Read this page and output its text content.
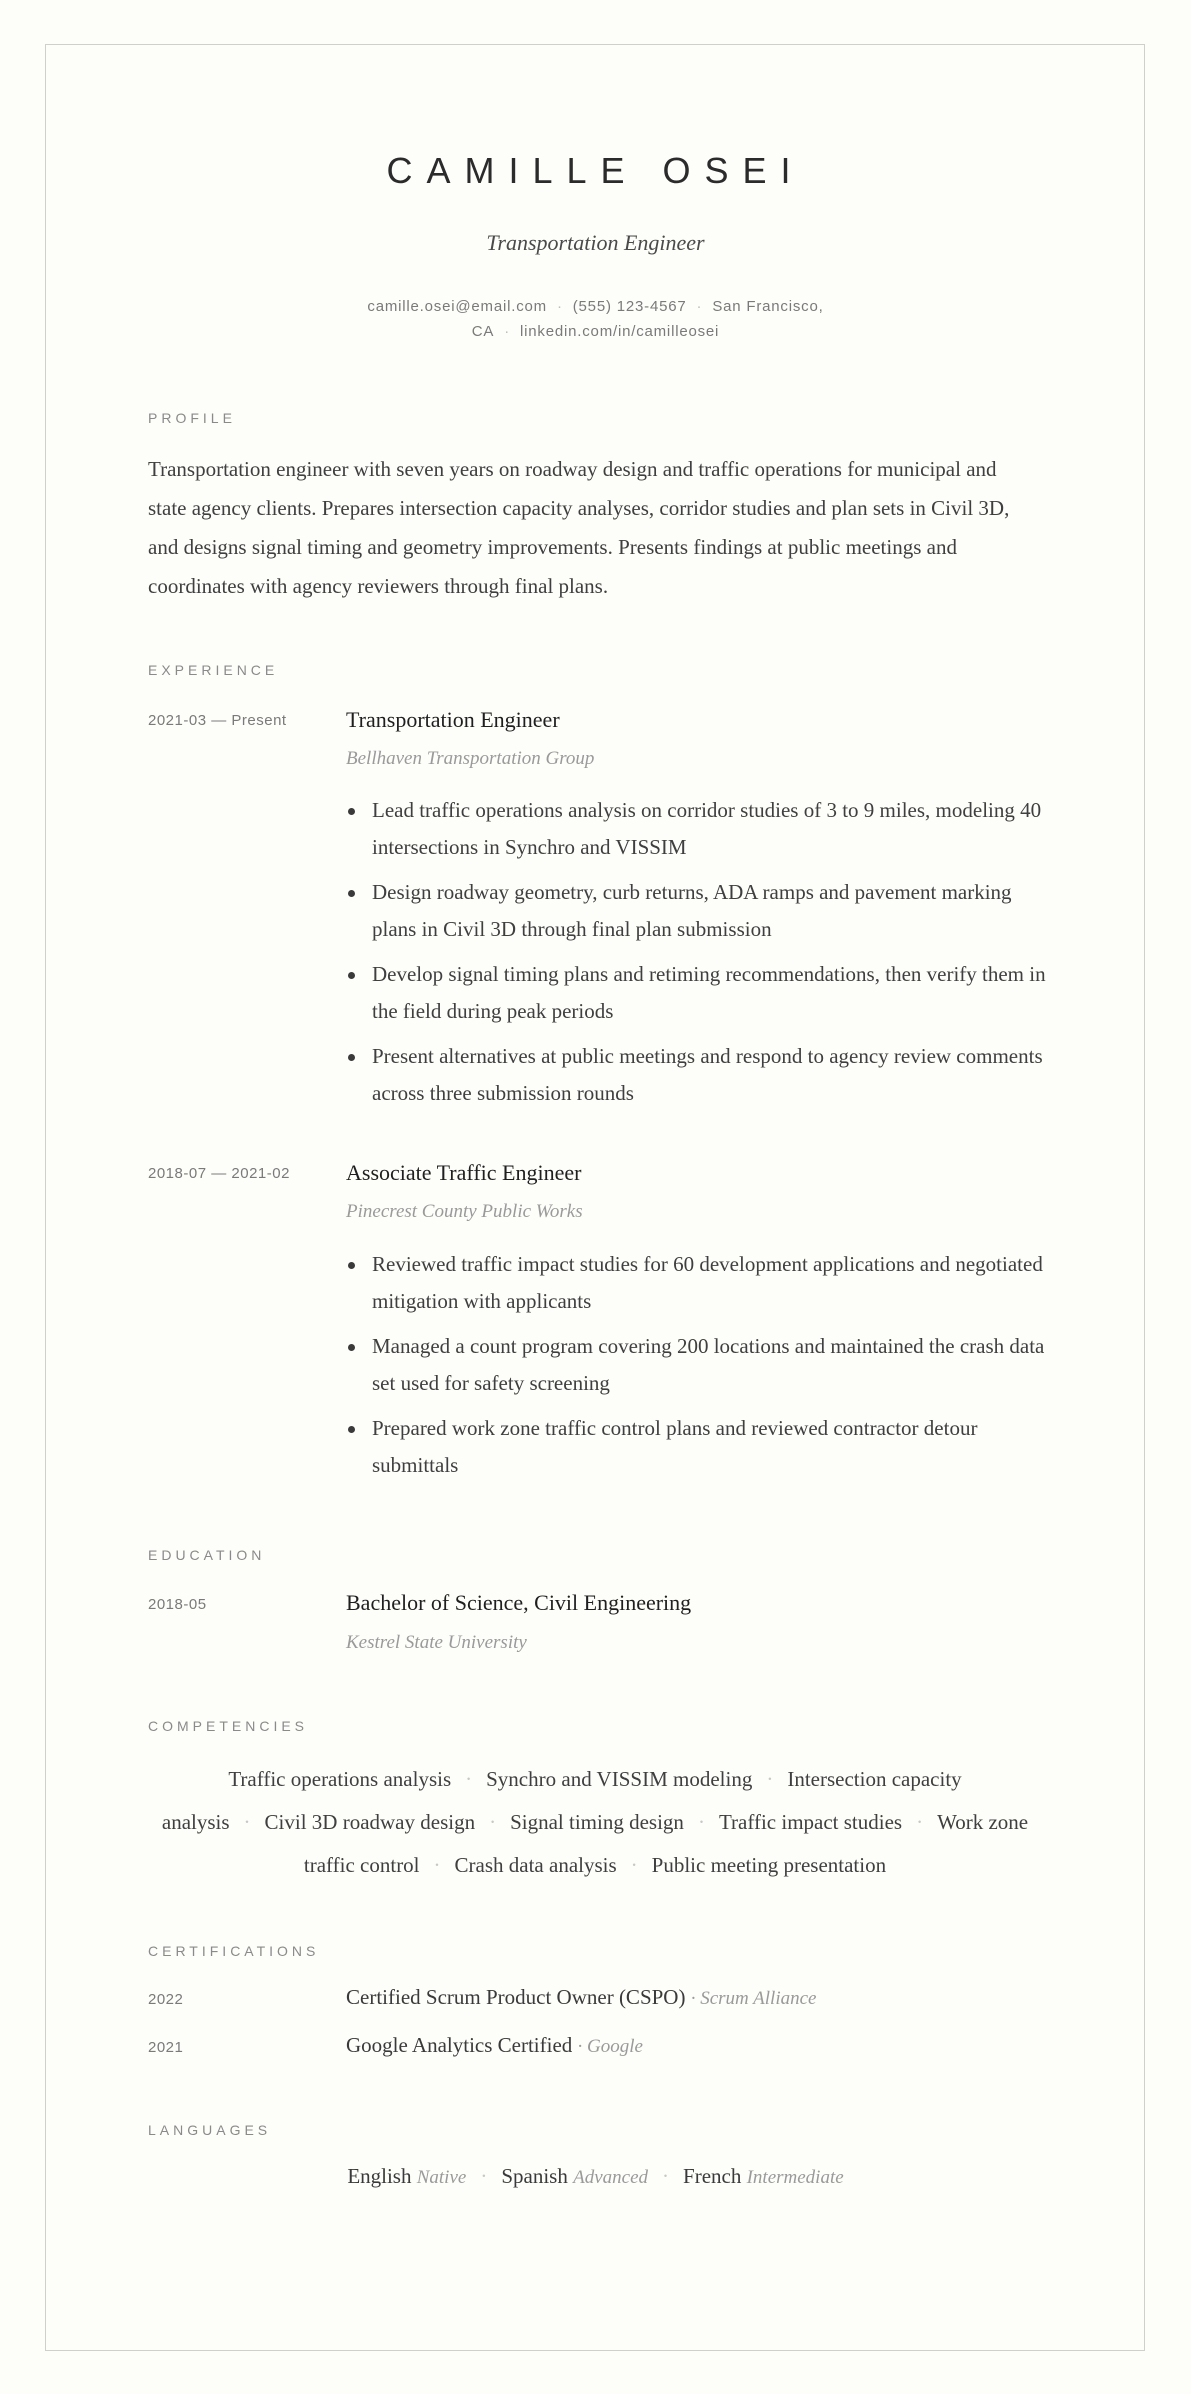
CAMILLE OSEI
Transportation Engineer
camille.osei@email.com · (555) 123-4567 · San Francisco,
CA · linkedin.com/in/camilleosei
PROFILE
Transportation engineer with seven years on roadway design and traffic operations for municipal and state agency clients. Prepares intersection capacity analyses, corridor studies and plan sets in Civil 3D, and designs signal timing and geometry improvements. Presents findings at public meetings and coordinates with agency reviewers through final plans.
EXPERIENCE
2021-03 — Present	Transportation Engineer
Bellhaven Transportation Group
Lead traffic operations analysis on corridor studies of 3 to 9 miles, modeling 40 intersections in Synchro and VISSIM
Design roadway geometry, curb returns, ADA ramps and pavement marking plans in Civil 3D through final plan submission
Develop signal timing plans and retiming recommendations, then verify them in the field during peak periods
Present alternatives at public meetings and respond to agency review comments across three submission rounds
2018-07 — 2021-02	Associate Traffic Engineer
Pinecrest County Public Works
Reviewed traffic impact studies for 60 development applications and negotiated mitigation with applicants
Managed a count program covering 200 locations and maintained the crash data set used for safety screening
Prepared work zone traffic control plans and reviewed contractor detour submittals
EDUCATION
2018-05	Bachelor of Science, Civil Engineering
Kestrel State University
COMPETENCIES
Traffic operations analysis · Synchro and VISSIM modeling · Intersection capacity analysis · Civil 3D roadway design · Signal timing design · Traffic impact studies · Work zone traffic control · Crash data analysis · Public meeting presentation
CERTIFICATIONS
2022	Certified Scrum Product Owner (CSPO) · Scrum Alliance
2021	Google Analytics Certified · Google
LANGUAGES
English Native · Spanish Advanced · French Intermediate
